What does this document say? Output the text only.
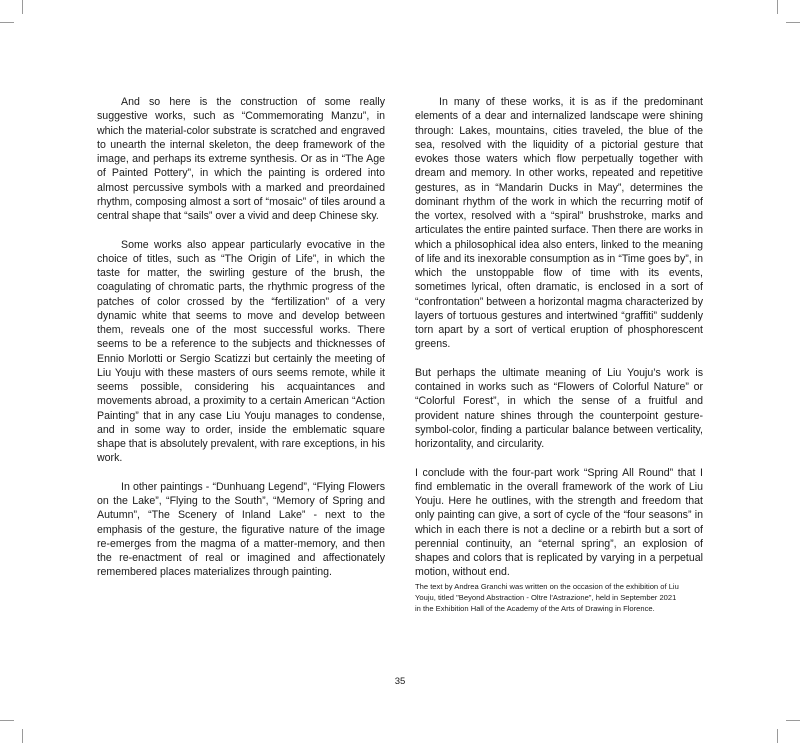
And so here is the construction of some really suggestive works, such as “Commemorating Manzu”, in which the material-color substrate is scratched and engraved to unearth the internal skeleton, the deep framework of the image, and perhaps its extreme synthesis. Or as in “The Age of Painted Pottery”, in which the painting is ordered into almost percussive symbols with a marked and preordained rhythm, composing almost a sort of “mosaic” of tiles around a central shape that “sails” over a vivid and deep Chinese sky.

Some works also appear particularly evocative in the choice of titles, such as “The Origin of Life”, in which the taste for matter, the swirling gesture of the brush, the coagulating of chromatic parts, the rhythmic progress of the patches of color crossed by the “fertilization” of a very dynamic white that seems to move and develop between them, reveals one of the most successful works. There seems to be a reference to the subjects and thicknesses of Ennio Morlotti or Sergio Scatizzi but certainly the meeting of Liu Youju with these masters of ours seems remote, while it seems possible, considering his acquaintances and movements abroad, a proximity to a certain American “Action Painting” that in any case Liu Youju manages to condense, and in some way to order, inside the emblematic square shape that is absolutely prevalent, with rare exceptions, in his work.

In other paintings - “Dunhuang Legend”, “Flying Flowers on the Lake”, “Flying to the South”, “Memory of Spring and Autumn”, “The Scenery of Inland Lake” - next to the emphasis of the gesture, the figurative nature of the image re-emerges from the magma of a matter-memory, and then the re-enactment of real or imagined and affectionately remembered places materializes through painting.

In many of these works, it is as if the predominant elements of a dear and internalized landscape were shining through: Lakes, mountains, cities traveled, the blue of the sea, resolved with the liquidity of a pictorial gesture that evokes those waters which flow perpetually together with dream and memory. In other works, repeated and repetitive gestures, as in “Mandarin Ducks in May”, determines the dominant rhythm of the work in which the recurring motif of the vortex, resolved with a “spiral” brushstroke, marks and articulates the entire painted surface. Then there are works in which a philosophical idea also enters, linked to the meaning of life and its inexorable consumption as in “Time goes by”, in which the unstoppable flow of time with its events, sometimes lyrical, often dramatic, is enclosed in a sort of “confrontation” between a horizontal magma characterized by layers of tortuous gestures and intertwined “graffiti” suddenly torn apart by a sort of vertical eruption of phosphorescent greens.

But perhaps the ultimate meaning of Liu Youju’s work is contained in works such as “Flowers of Colorful Nature” or “Colorful Forest”, in which the sense of a fruitful and provident nature shines through the counterpoint gesture-symbol-color, finding a particular balance between verticality, horizontality, and circularity.

I conclude with the four-part work “Spring All Round” that I find emblematic in the overall framework of the work of Liu Youju. Here he outlines, with the strength and freedom that only painting can give, a sort of cycle of the “four seasons” in which in each there is not a decline or a rebirth but a sort of perennial continuity, an “eternal spring”, an explosion of shapes and colors that is replicated by varying in a perpetual motion, without end.

The text by Andrea Granchi was written on the occasion of the exhibition of Liu
Youju, titled "Beyond Abstraction - Oltre l’Astrazione", held in September 2021
in the Exhibition Hall of the Academy of the Arts of Drawing in Florence.
35
